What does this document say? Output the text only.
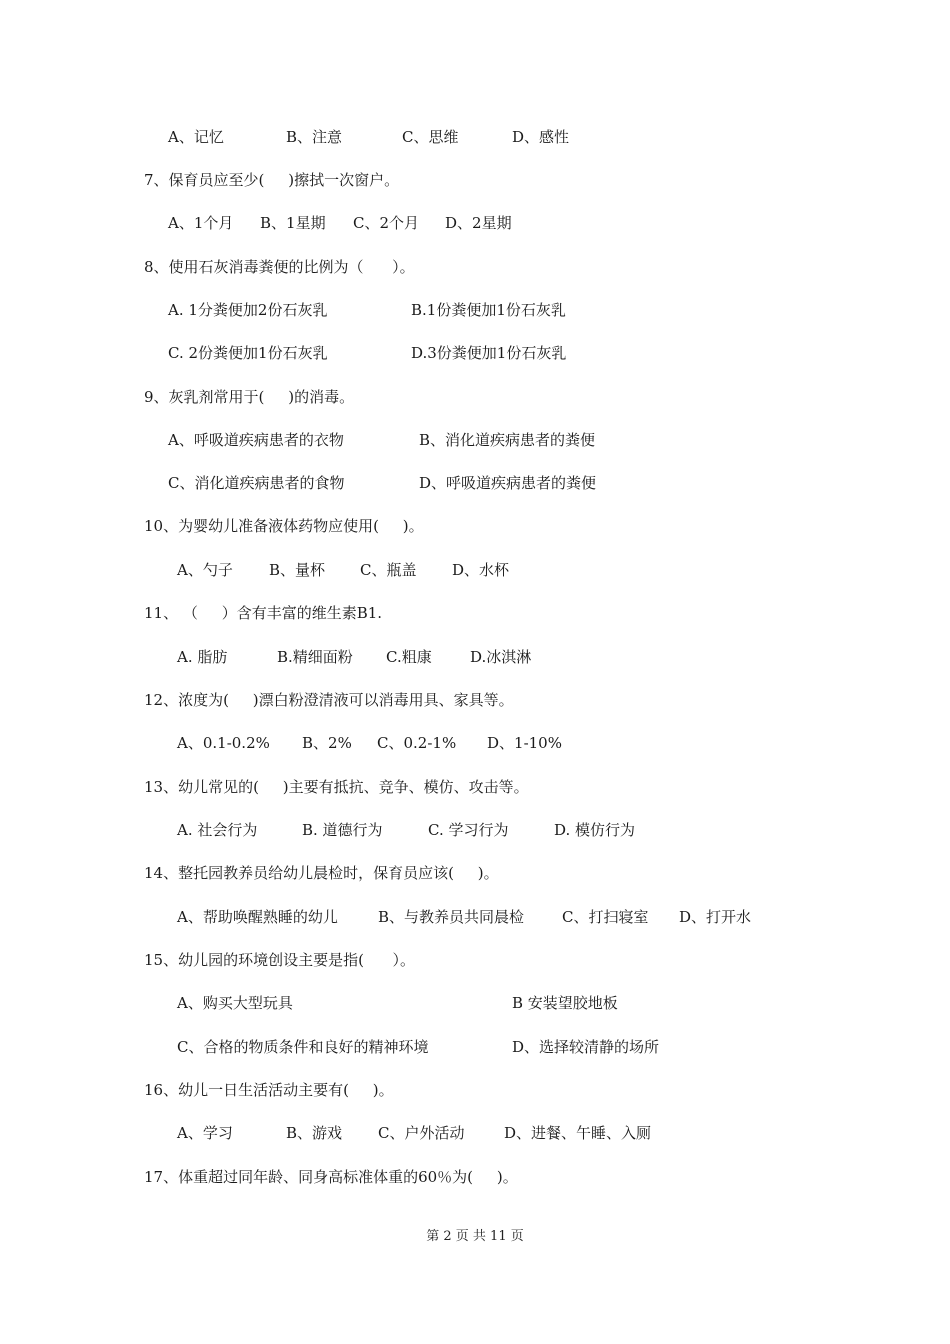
A、记忆	B、注意	C、思维	D、感性
7、保育员应至少(     )擦拭一次窗户。
A、1个月 B、1星期 C、2个月 D、2星期
8、使用石灰消毒粪便的比例为（      ）。
A. 1分粪便加2份石灰乳	B.1份粪便加1份石灰乳
C. 2份粪便加1份石灰乳	D.3份粪便加1份石灰乳
9、灰乳剂常用于(     )的消毒。
A、呼吸道疾病患者的衣物	B、消化道疾病患者的粪便
C、消化道疾病患者的食物	D、呼吸道疾病患者的粪便
10、为婴幼儿准备液体药物应使用(     )。
A、勺子 B、量杯 C、瓶盖 D、水杯
11、 （     ）含有丰富的维生素B1.
A. 脂肪	B.精细面粉 C.粗康	D.冰淇淋
12、浓度为(     )漂白粉澄清液可以消毒用具、家具等。
A、0.1-0.2% B、2% C、0.2-1% D、1-10%
13、幼儿常见的(     )主要有抵抗、竞争、模仿、攻击等。
A. 社会行为	B. 道德行为	C. 学习行为	D. 模仿行为
14、整托园教养员给幼儿晨检时，保育员应该(     )。
A、帮助唤醒熟睡的幼儿	B、与教养员共同晨检	C、打扫寝室 D、打开水
15、幼儿园的环境创设主要是指(      ）。
A、购买大型玩具	B 安装望胶地板
C、合格的物质条件和良好的精神环境	D、选择较清静的场所
16、幼儿一日生活活动主要有(     )。
A、学习	B、游戏 C、户外活动	D、进餐、午睡、入厕
17、体重超过同年龄、同身高标准体重的60％为(     )。
第 2 页 共 11 页
